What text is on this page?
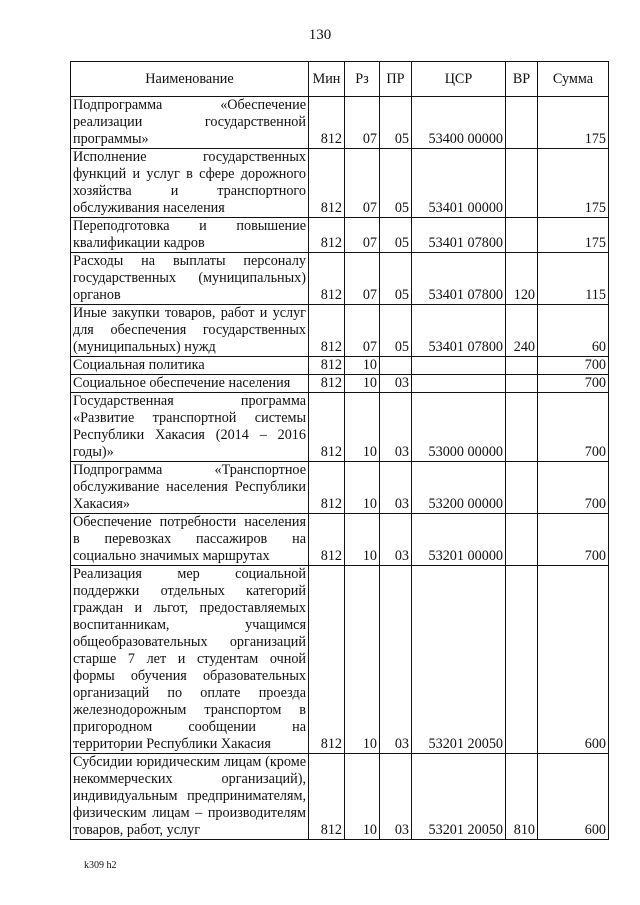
130
Наименование	Мин	Рз	ПР	ЦСР	ВР	Сумма
Подпрограмма «Обеспечение реализации государственной программы»	812	07	05	53400 00000		175
Исполнение государственных функций и услуг в сфере дорожного хозяйства и транспортного обслуживания населения	812	07	05	53401 00000		175
Переподготовка и повышение квалификации кадров	812	07	05	53401 07800		175
Расходы на выплаты персоналу государственных (муниципальных) органов	812	07	05	53401 07800	120	115
Иные закупки товаров, работ и услуг для обеспечения государственных (муниципальных) нужд	812	07	05	53401 07800	240	60
Социальная политика	812	10				700
Социальное обеспечение населения	812	10	03			700
Государственная программа «Развитие транспортной системы Республики Хакасия (2014 – 2016 годы)»	812	10	03	53000 00000		700
Подпрограмма «Транспортное обслуживание населения Республики Хакасия»	812	10	03	53200 00000		700
Обеспечение потребности населения в перевозках пассажиров на социально значимых маршрутах	812	10	03	53201 00000		700
Реализация мер социальной поддержки отдельных категорий граждан и льгот, предоставляемых воспитанникам, учащимся общеобразовательных организаций старше 7 лет и студентам очной формы обучения образовательных организаций по оплате проезда железнодорожным транспортом в пригородном сообщении на территории Республики Хакасия	812	10	03	53201 20050		600
Субсидии юридическим лицам (кроме некоммерческих организаций), индивидуальным предпринимателям, физическим лицам – производителям товаров, работ, услуг	812	10	03	53201 20050	810	600
k309 h2
